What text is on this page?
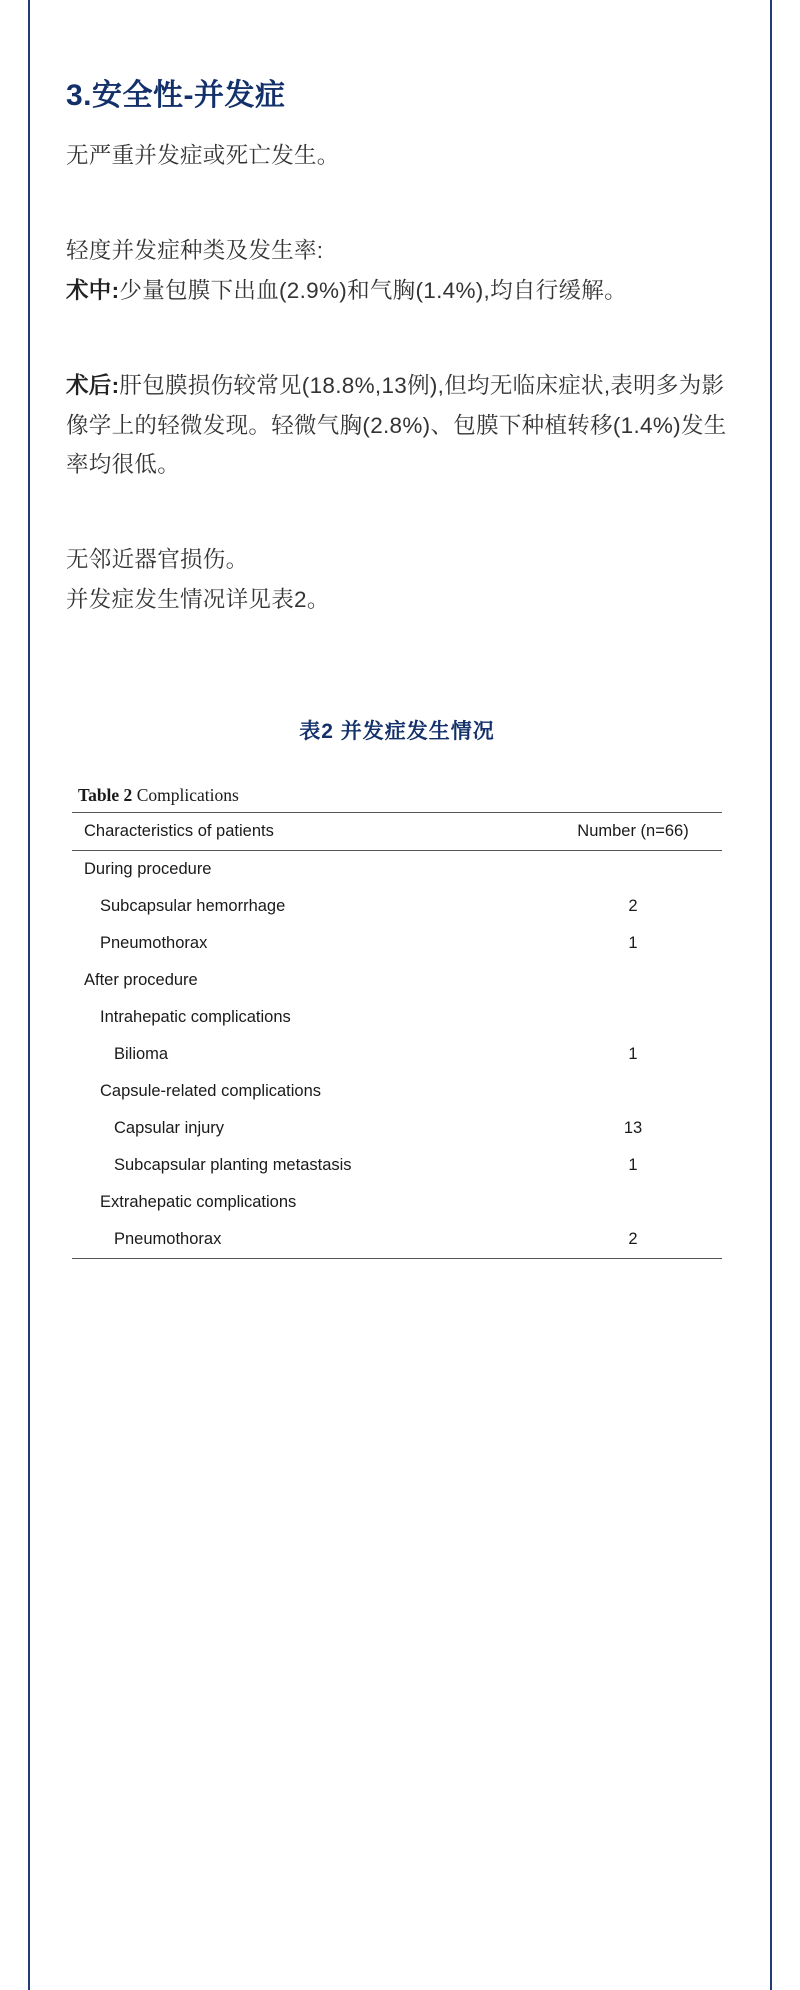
3.安全性-并发症

无严重并发症或死亡发生。

轻度并发症种类及发生率:

术中:少量包膜下出血(2.9%)和气胸(1.4%),均自行缓解。

术后:肝包膜损伤较常见(18.8%,13例),但均无临床症状,表明多为影像学上的轻微发现。轻微气胸(2.8%)、包膜下种植转移(1.4%)发生率均很低。

无邻近器官损伤。

并发症发生情况详见表2。

表2 并发症发生情况

Table 2 Complications
Characteristics of patients	Number (n=66)
During procedure	
Subcapsular hemorrhage	2
Pneumothorax	1
After procedure	
Intrahepatic complications	
Bilioma	1
Capsule-related complications	
Capsular injury	13
Subcapsular planting metastasis	1
Extrahepatic complications	
Pneumothorax	2
